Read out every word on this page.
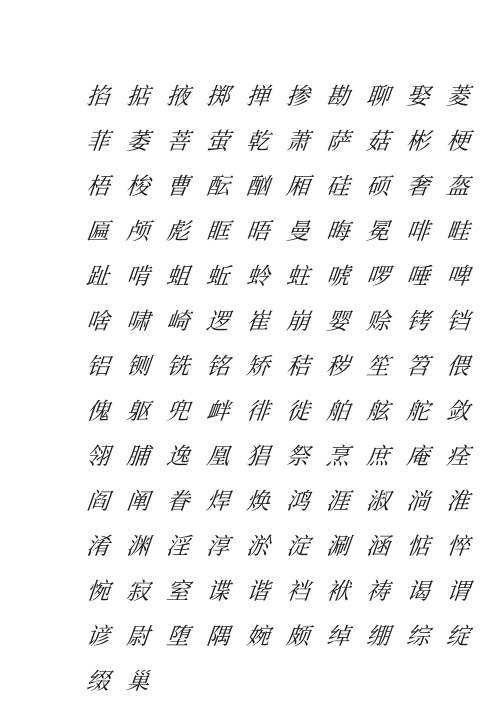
掐 掂 掖 掷 掸 掺 勘 聊 娶 菱
菲 萎 菩 萤 乾 萧 萨 菇 彬 梗
梧 梭 曹 酝 酗 厢 硅 硕 奢 盔
匾 颅 彪 眶 晤 曼 晦 冕 啡 畦
趾 啃 蛆 蚯 蛉 蛀 唬 啰 唾 啤
啥 啸 崎 逻 崔 崩 婴 赊 铐 铛
铝 铡 铣 铭 矫 秸 秽 笙 笤 偎
傀 躯 兜 衅 徘 徙 舶 舷 舵 敛
翎 脯 逸 凰 猖 祭 烹 庶 庵 痊
阎 阐 眷 焊 焕 鸿 涯 淑 淌 淮
淆 渊 淫 淳 淤 淀 涮 涵 惦 悴
惋 寂 窒 谍 谐 裆 袱 祷 谒 谓
谚 尉 堕 隅 婉 颇 绰 绷 综 绽
缀 巢
